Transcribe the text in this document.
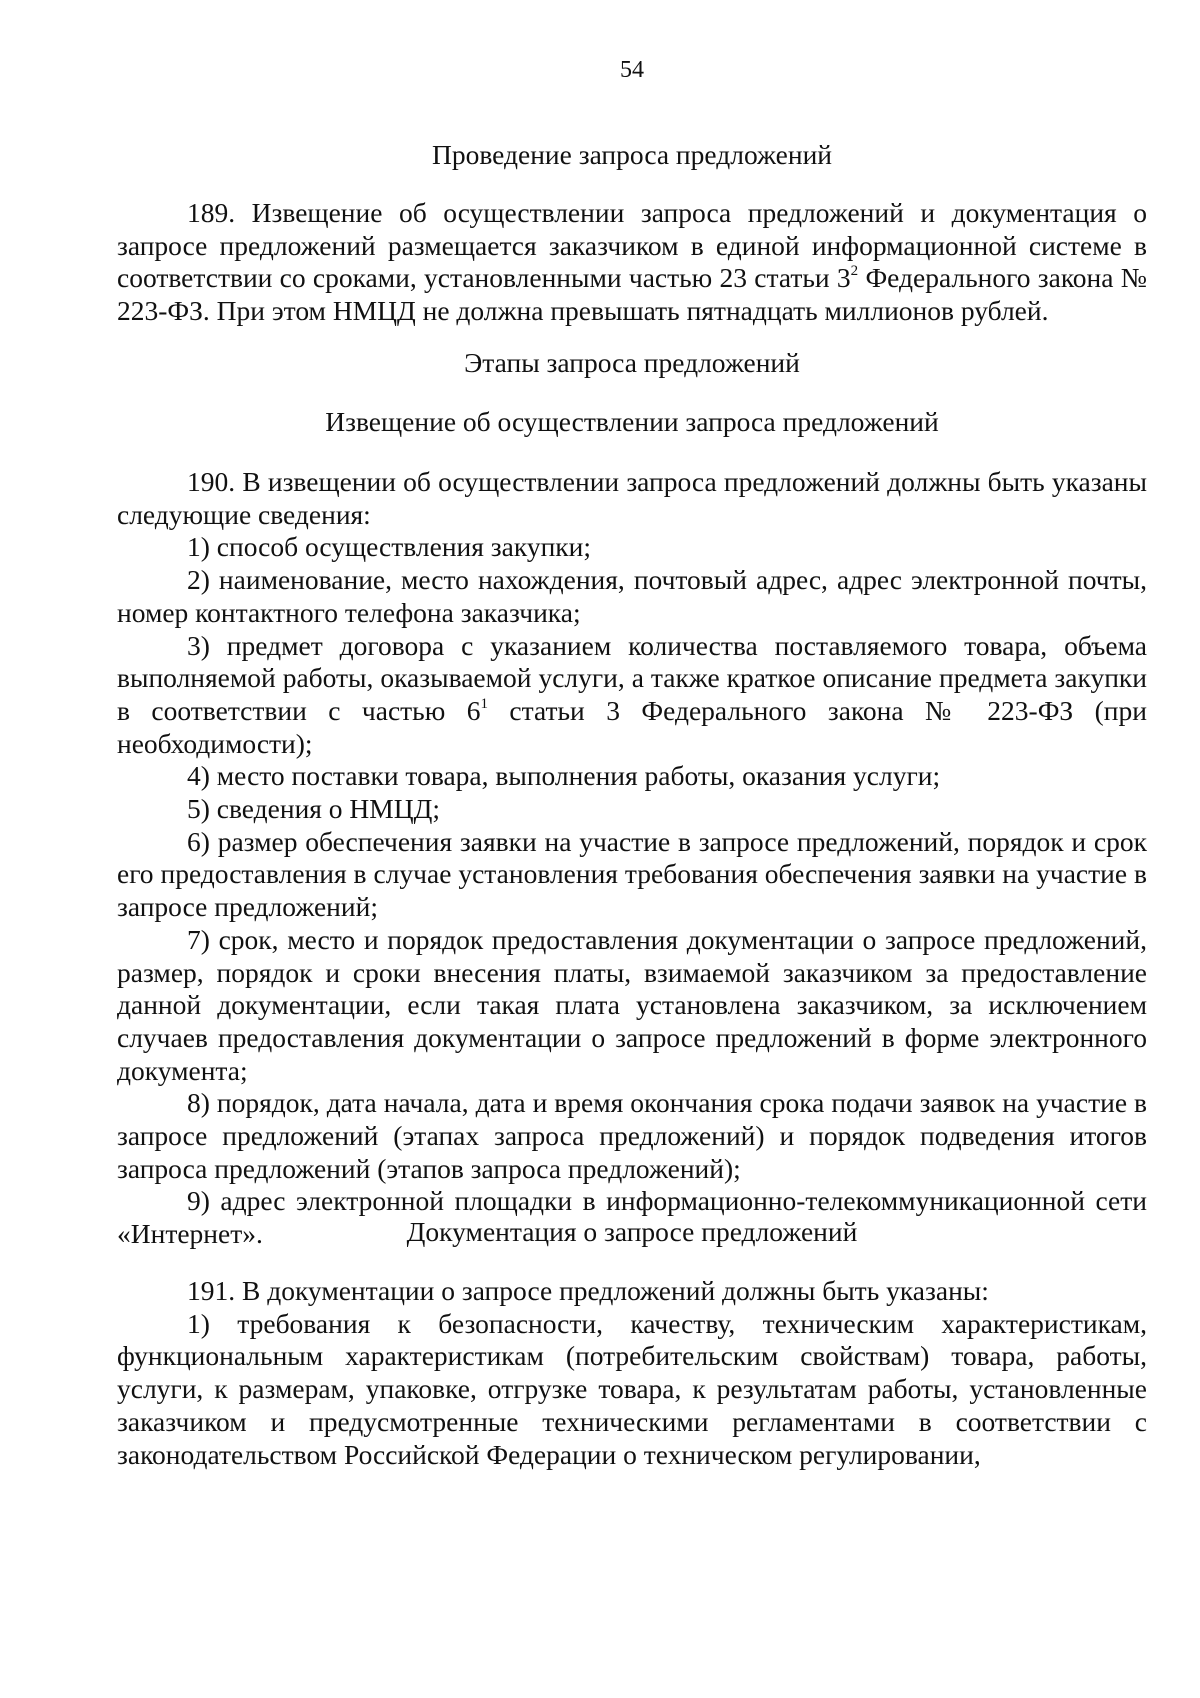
54
Проведение запроса предложений

189. Извещение об осуществлении запроса предложений и документация о запросе предложений размещается заказчиком в единой информационной системе в соответствии со сроками, установленными частью 23 статьи $3^2$ Федерального закона № 223-ФЗ. При этом НМЦД не должна превышать пятнадцать миллионов рублей.

Этапы запроса предложений
Извещение об осуществлении запроса предложений

190. В извещении об осуществлении запроса предложений должны быть указаны следующие сведения:

1) способ осуществления закупки;

2) наименование, место нахождения, почтовый адрес, адрес электронной почты, номер контактного телефона заказчика;

3) предмет договора с указанием количества поставляемого товара, объема выполняемой работы, оказываемой услуги, а также краткое описание предмета закупки в соответствии с частью $6^1$ статьи 3 Федерального закона № 223-ФЗ (при необходимости);

4) место поставки товара, выполнения работы, оказания услуги;

5) сведения о НМЦД;

6) размер обеспечения заявки на участие в запросе предложений, порядок и срок его предоставления в случае установления требования обеспечения заявки на участие в запросе предложений;

7) срок, место и порядок предоставления документации о запросе предложений, размер, порядок и сроки внесения платы, взимаемой заказчиком за предоставление данной документации, если такая плата установлена заказчиком, за исключением случаев предоставления документации о запросе предложений в форме электронного документа;

8) порядок, дата начала, дата и время окончания срока подачи заявок на участие в запросе предложений (этапах запроса предложений) и порядок подведения итогов запроса предложений (этапов запроса предложений);

9) адрес электронной площадки в информационно-телекоммуникационной сети «Интернет».	Документация о запросе предложений

191. В документации о запросе предложений должны быть указаны:

1) требования к безопасности, качеству, техническим характеристикам, функциональным характеристикам (потребительским свойствам) товара, работы, услуги, к размерам, упаковке, отгрузке товара, к результатам работы, установленные заказчиком и предусмотренные техническими регламентами в соответствии с законодательством Российской Федерации о техническом регулировании,
